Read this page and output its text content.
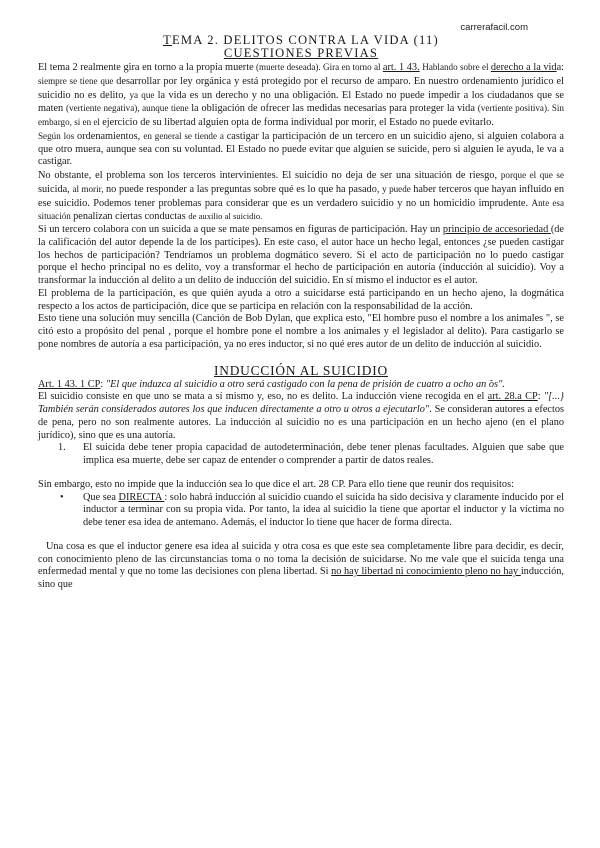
carrerafacil.com

TEMA 2. DELITOS CONTRA LA VIDA (11)

CUESTIONES PREVIAS

El tema 2 realmente gira en torno a la propia muerte (muerte deseada). Gira en torno al art. 1 43. Hablando sobre el derecho a la vida: siempre se tiene que desarrollar por ley orgánica y está protegido por el recurso de amparo. En nuestro ordenamiento jurídico el suicidio no es delito, ya que la vida es un derecho y no una obligación. El Estado no puede impedir a los ciudadanos que se maten (vertiente negativa), aunque tiene la obligación de ofrecer las medidas necesarias para proteger la vida (vertiente positiva). Sin embargo, si en el ejercicio de su libertad alguien opta de forma individual por morir, el Estado no puede evitarlo.

Según los ordenamientos, en general se tiende a castigar la participación de un tercero en un suicidio ajeno, si alguien colabora a que otro muera, aunque sea con su voluntad. El Estado no puede evitar que alguien se suicide, pero si alguien le ayuda, le va a castigar.

No obstante, el problema son los terceros intervinientes. El suicidio no deja de ser una situación de riesgo, porque el que se suicida, al morir, no puede responder a las preguntas sobre qué es lo que ha pasado, y puede haber terceros que hayan influido en ese suicidio. Podemos tener problemas para considerar que es un verdadero suicidio y no un homicidio imprudente. Ante esa situación penalizan ciertas conductas de auxilio al suicidio.

Si un tercero colabora con un suicida a que se mate pensamos en figuras de participación. Hay un principio de accesoriedad (de la calificación del autor depende la de los partícipes). En este caso, el autor hace un hecho legal, entonces ¿se pueden castigar los hechos de participación? Tendríamos un problema dogmático severo. Si el acto de participación no lo puedo castigar porque el hecho principal no es delito, voy a transformar el hecho de participación en autoría (inducción al suicidio). Voy a transformar la inducción al delito a un delito de inducción del suicidio. En sí mismo el inductor es el autor.

El problema de la participación, es que quién ayuda a otro a suicidarse está participando en un hecho ajeno, la dogmática respecto a los actos de participación, dice que se participa en relación con la responsabilidad de la acción.

Esto tiene una solución muy sencilla (Canción de Bob Dylan, que explica esto, "El hombre puso el nombre a los animales ", se citó esto a propósito del penal , porque el hombre pone el nombre a los animales y el legislador al delito). Para castigarlo se pone nombres de autoría a esa participación, ya no eres inductor, si no qué eres autor de un delito de inducción al suicidio.

INDUCCIÓN AL SUICIDIO

Art. 1 43. 1 CP: "El que induzca al suicidio a otro será castigado con la pena de prisión de cuatro a ocho an ̃os".

El suicidio consiste en que uno se mata a sí mismo y, eso, no es delito. La inducción viene recogida en el art. 28.a CP: "[...} También serán considerados autores los que inducen directamente a otro u otros a ejecutarlo". Se consideran autores a efectos de pena, pero no son realmente autores. La inducción al suicidio no es una participación en un hecho ajeno (en el plano jurídico), sino que es una autoría.

1. El suicida debe tener propia capacidad de autodeterminación, debe tener plenas facultades. Alguien que sabe que implica esa muerte, debe ser capaz de entender o comprender a partir de datos reales.

Sin embargo, esto no impide que la inducción sea lo que dice el art. 28 CP. Para ello tiene que reunir dos requisitos:

• Que sea DIRECTA : solo habrá inducción al suicidio cuando el suicida ha sido decisiva y claramente inducido por el inductor a terminar con su propia vida. Por tanto, la idea al suicidio la tiene que aportar el inductor y la víctima no debe tener esa idea de antemano. Además, el inductor lo tiene que hacer de forma directa.

Una cosa es que el inductor genere esa idea al suicida y otra cosa es que este sea completamente libre para decidir, es decir, con conocimiento pleno de las circunstancias toma o no toma la decisión de suicidarse. No me vale que el suicida tenga una enfermedad mental y que no tome las decisiones con plena libertad. Si no hay libertad ni conocimiento pleno no hay inducción, sino que
